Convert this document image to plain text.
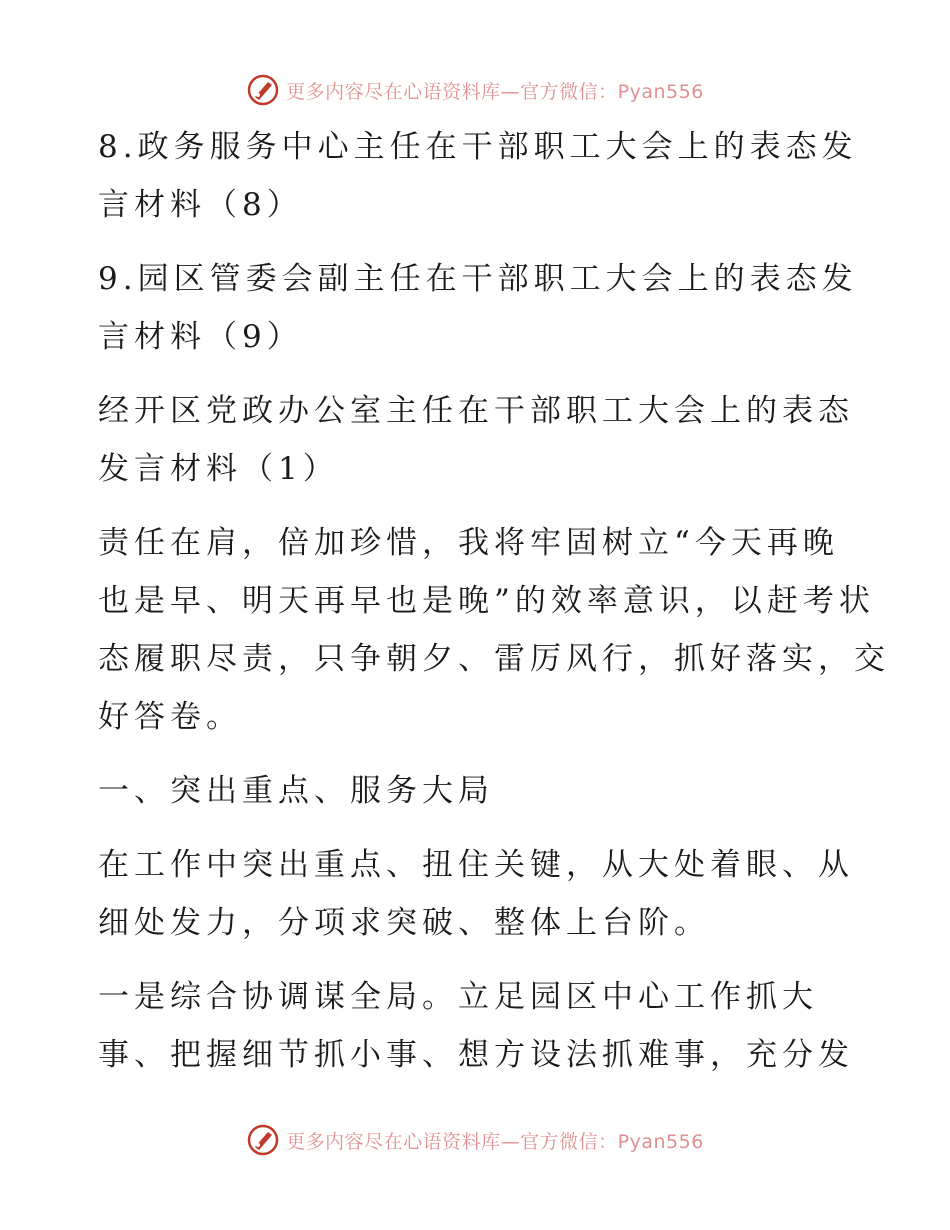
更多内容尽在心语资料库—官方微信：Pyan556
8.政务服务中心主任在干部职工大会上的表态发
言材料（8）
9.园区管委会副主任在干部职工大会上的表态发
言材料（9）
经开区党政办公室主任在干部职工大会上的表态
发言材料（1）
责任在肩，倍加珍惜，我将牢固树立“今天再晚
也是早、明天再早也是晚”的效率意识，以赶考状
态履职尽责，只争朝夕、雷厉风行，抓好落实，交
好答卷。
一、突出重点、服务大局
在工作中突出重点、扭住关键，从大处着眼、从
细处发力，分项求突破、整体上台阶。
一是综合协调谋全局。立足园区中心工作抓大
事、把握细节抓小事、想方设法抓难事，充分发
更多内容尽在心语资料库—官方微信：Pyan556
